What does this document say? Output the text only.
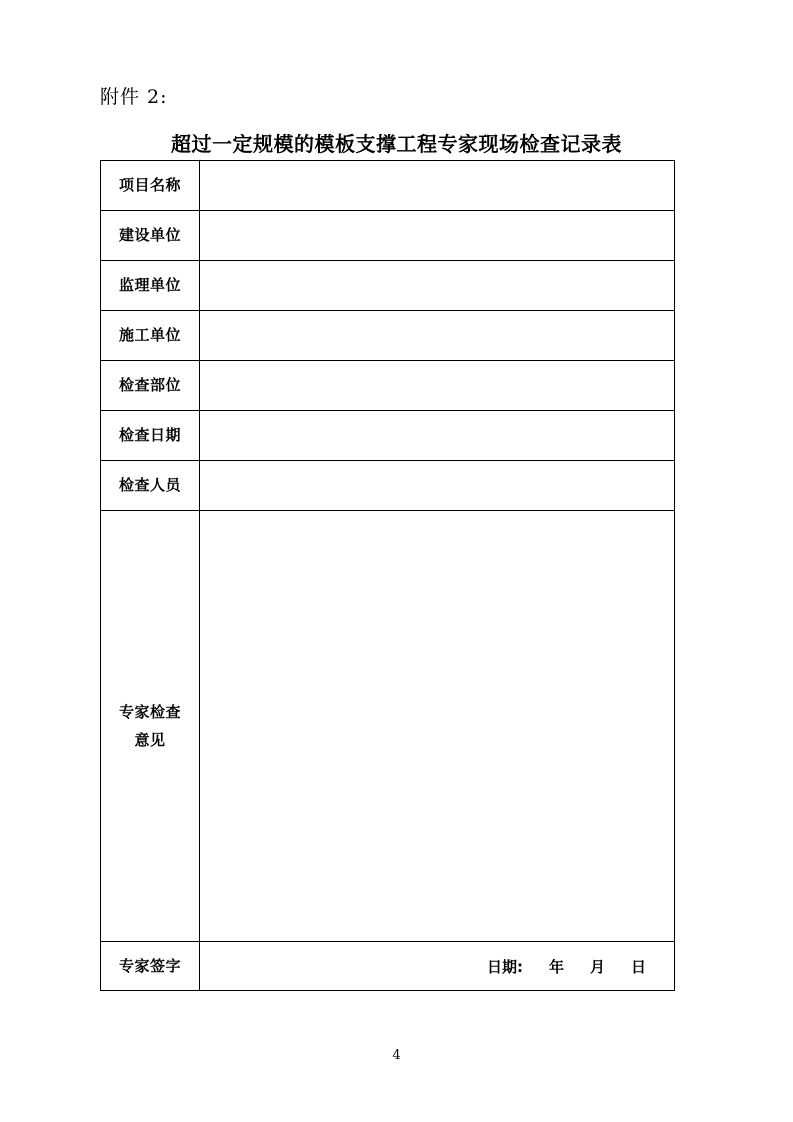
附件 2:
超过一定规模的模板支撑工程专家现场检查记录表
项目名称	
建设单位	
监理单位	
施工单位	
检查部位	
检查日期	
检查人员	

专家检查
意见	

专家签字	日期: 年 月 日
4
